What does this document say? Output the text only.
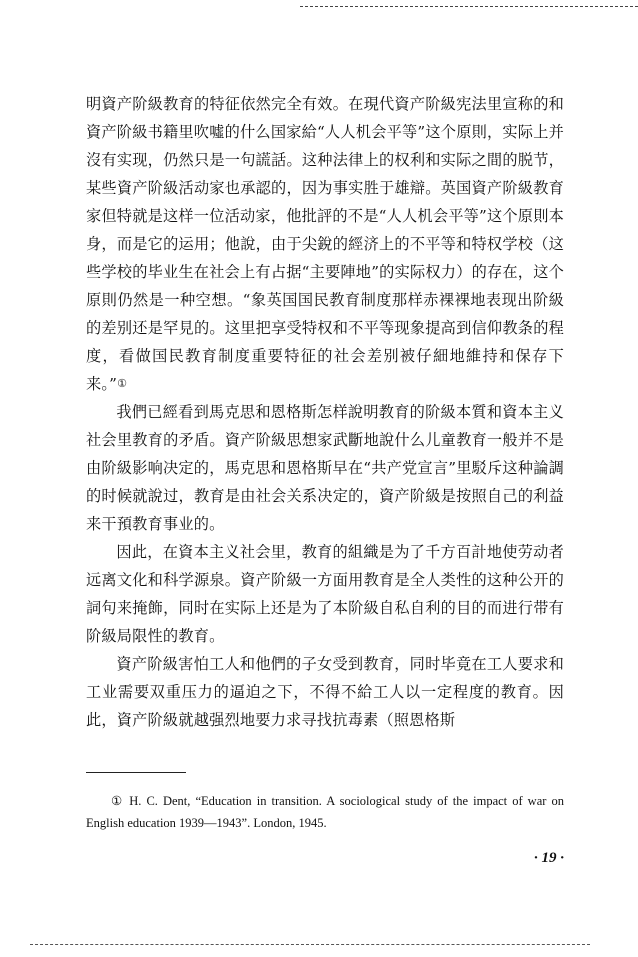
明資产阶級教育的特征依然完全有效。在現代資产阶級宪法里宣称的和資产阶級书籍里吹噓的什么国家給“人人机会平等”这个原則，实际上并沒有实现，仍然只是一句謊話。这种法律上的权利和实际之間的脱节，某些資产阶級活动家也承認的，因为事实胜于雄辯。英国資产阶級教育家但特就是这样一位活动家，他批評的不是“人人机会平等”这个原則本身，而是它的运用；他說，由于尖銳的經济上的不平等和特权学校（这些学校的毕业生在社会上有占据“主要陣地”的实际权力）的存在，这个原則仍然是一种空想。“象英国国民教育制度那样赤裸裸地表现出阶級的差别还是罕見的。这里把享受特权和不平等现象提高到信仰教条的程度，看做国民教育制度重要特征的社会差别被仔細地維持和保存下来。”①

我們已經看到馬克思和恩格斯怎样說明教育的阶級本質和資本主义社会里教育的矛盾。資产阶級思想家武斷地說什么儿童教育一般并不是由阶級影响决定的，馬克思和恩格斯早在“共产党宣言”里駁斥这种論調的时候就說过，教育是由社会关系决定的，資产阶級是按照自己的利益来干預教育事业的。

因此，在資本主义社会里，教育的組織是为了千方百計地使劳动者远离文化和科学源泉。資产阶級一方面用教育是全人类性的这种公开的詞句来掩飾，同时在实际上还是为了本阶級自私自利的目的而进行带有阶級局限性的教育。

資产阶級害怕工人和他們的子女受到教育，同时毕竟在工人要求和工业需要双重压力的逼迫之下，不得不給工人以一定程度的教育。因此，資产阶級就越强烈地要力求寻找抗毒素（照恩格斯

① H. C. Dent, “Education in transition. A sociological study of the impact of war on English education 1939—1943”. London, 1945.

· 19 ·
